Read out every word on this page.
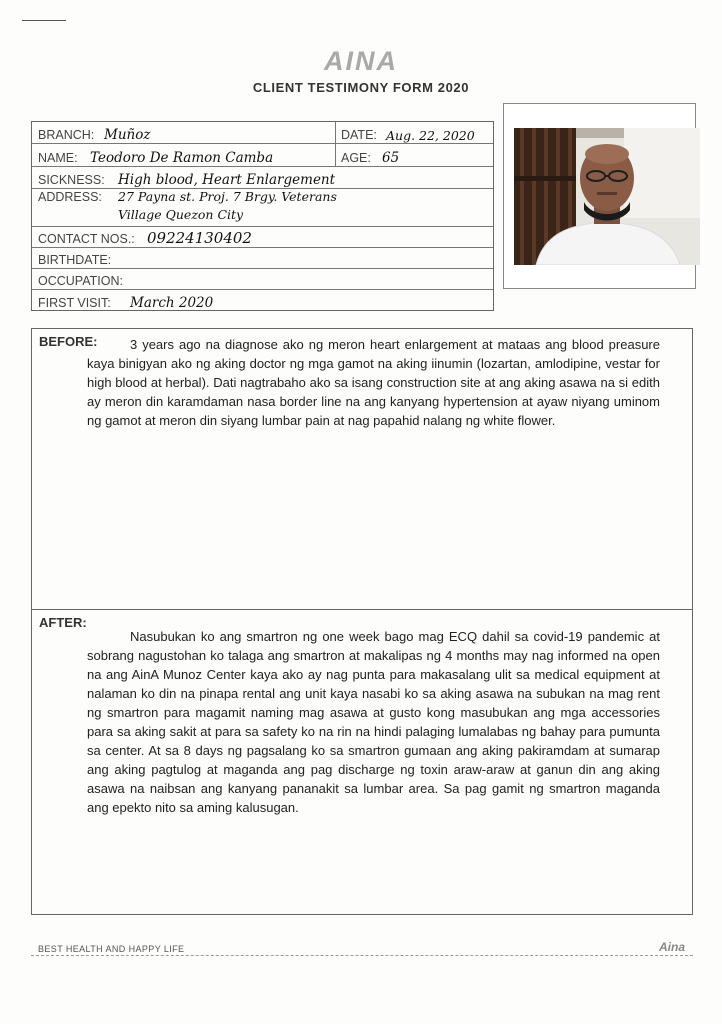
AINA
CLIENT TESTIMONY FORM 2020
BRANCH: Muñoz	DATE: Aug. 22, 2020
NAME: Teodoro De Ramon Camba	AGE: 65
SICKNESS: High blood, Heart Enlargement
ADDRESS: 27 Payna st. Proj. 7 Brgy. Veterans
Village Quezon City
CONTACT NOS.: 09224130402
BIRTHDATE:
OCCUPATION:
FIRST VISIT: March 2020
BEFORE:	3 years ago na diagnose ako ng meron heart enlargement at mataas ang blood preasure kaya binigyan ako ng aking doctor ng mga gamot na aking iinumin (lozartan, amlodipine, vestar for high blood at herbal). Dati nagtrabaho ako sa isang construction site at ang aking asawa na si edith ay meron din karamdaman nasa border line na ang kanyang hypertension at ayaw niyang uminom ng gamot at meron din siyang lumbar pain at nag papahid nalang ng white flower.

AFTER:

Nasubukan ko ang smartron ng one week bago mag ECQ dahil sa covid-19 pandemic at sobrang nagustohan ko talaga ang smartron at makalipas ng 4 months may nag informed na open na ang AinA Munoz Center kaya ako ay nag punta para makasalang ulit sa medical equipment at nalaman ko din na pinapa rental ang unit kaya nasabi ko sa aking asawa na subukan na mag rent ng smartron para magamit naming mag asawa at gusto kong masubukan ang mga accessories para sa aking sakit at para sa safety ko na rin na hindi palaging lumalabas ng bahay para pumunta sa center. At sa 8 days ng pagsalang ko sa smartron gumaan ang aking pakiramdam at sumarap ang aking pagtulog at maganda ang pag discharge ng toxin araw-araw at ganun din ang aking asawa na naibsan ang kanyang pananakit sa lumbar area. Sa pag gamit ng smartron maganda ang epekto nito sa aming kalusugan.

BEST HEALTH AND HAPPY LIFE	Aina
